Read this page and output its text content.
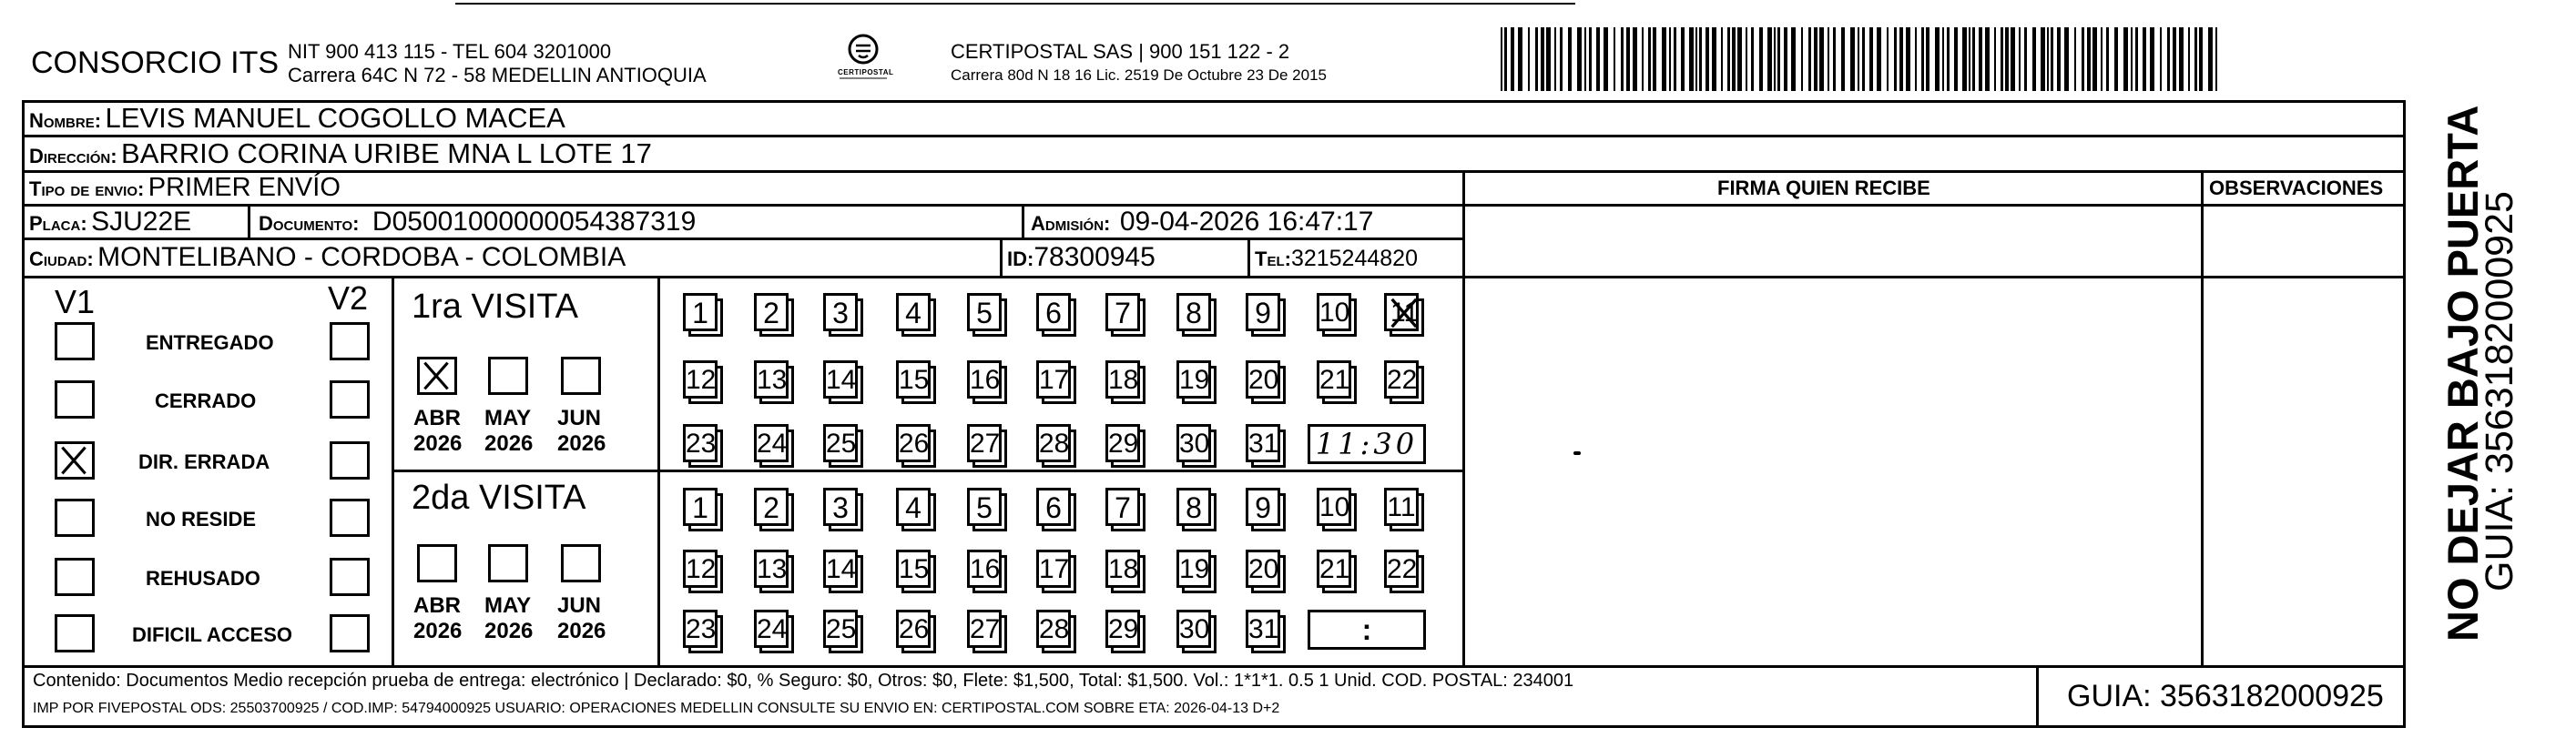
CONSORCIO ITS NIT 900 413 115 - TEL 604 3201000
Carrera 64C N 72 - 58 MEDELLIN ANTIOQUIA	CERTIPOSTAL
CERTIPOSTAL SAS | 900 151 122 - 2
Carrera 80d N 18 16 Lic. 2519 De Octubre 23 De 2015
Nombre: LEVIS MANUEL COGOLLO MACEA
Dirección: BARRIO CORINA URIBE MNA L LOTE 17
Tipo de envio: PRIMER ENVÍO	FIRMA QUIEN RECIBE	OBSERVACIONES
Placa: SJU22E	Documento: D05001000000054387319	Admisión: 09-04-2026 16:47:17
Ciudad: MONTELIBANO - CORDOBA - COLOMBIA	ID:78300945	Tel:3215244820
V1	V2
ENTREGADO
CERRADO
DIR. ERRADA
NO RESIDE
REHUSADO
DIFICIL ACCESO
1ra VISITA
2da VISITA
ABR
2026
MAY
2026
JUN
2026
ABR
2026
MAY
2026
JUN
2026
1	2	3	4	5	6	7	8	9	10 11
12 13 14 15 16 17 18 19 20 21 22
23 24 25 26 27 28 29 30 31 11:30
1	2	3	4	5	6	7	8	9	10 11
12 13 14 15 16 17 18 19 20 21 22
23 24 25 26 27 28 29 30 31	:
Contenido: Documentos Medio recepción prueba de entrega: electrónico | Declarado: $0, % Seguro: $0, Otros: $0, Flete: $1,500, Total: $1,500. Vol.: 1*1*1. 0.5 1 Unid. COD. POSTAL: 234001
IMP POR FIVEPOSTAL ODS: 25503700925 / COD.IMP: 54794000925 USUARIO: OPERACIONES MEDELLIN CONSULTE SU ENVIO EN: CERTIPOSTAL.COM SOBRE ETA: 2026-04-13 D+2	GUIA: 3563182000925
NO DEJAR BAJO PUERTA
GUIA: 3563182000925
